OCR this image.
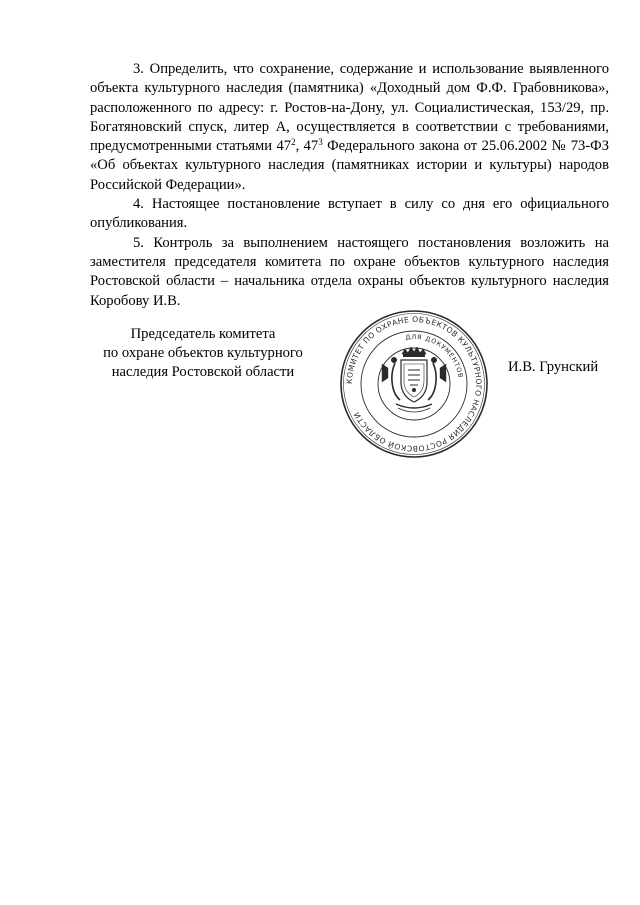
3. Определить, что сохранение, содержание и использование выявленного объекта культурного наследия (памятника) «Доходный дом Ф.Ф. Грабовникова», расположенного по адресу: г. Ростов-на-Дону, ул. Социалистическая, 153/29, пр. Богатяновский спуск, литер А, осуществляется в соответствии с требованиями, предусмотренными статьями $47^2$, $47^3$ Федерального закона от 25.06.2002 № 73-ФЗ «Об объектах культурного наследия (памятниках истории и культуры) народов Российской Федерации».

4. Настоящее постановление вступает в силу со дня его официального опубликования.

5. Контроль за выполнением настоящего постановления возложить на заместителя председателя комитета по охране объектов культурного наследия Ростовской области – начальника отдела охраны объектов культурного наследия Коробову И.В.

Председатель комитета
по охране объектов культурного
наследия Ростовской области
КОМИТЕТ ПО ОХРАНЕ ОБЪЕКТОВ КУЛЬТУРНОГО НАСЛЕДИЯ РОСТОВСКОЙ ОБЛАСТИ
ДЛЯ ДОКУМЕНТОВ
И.В. Грунский
